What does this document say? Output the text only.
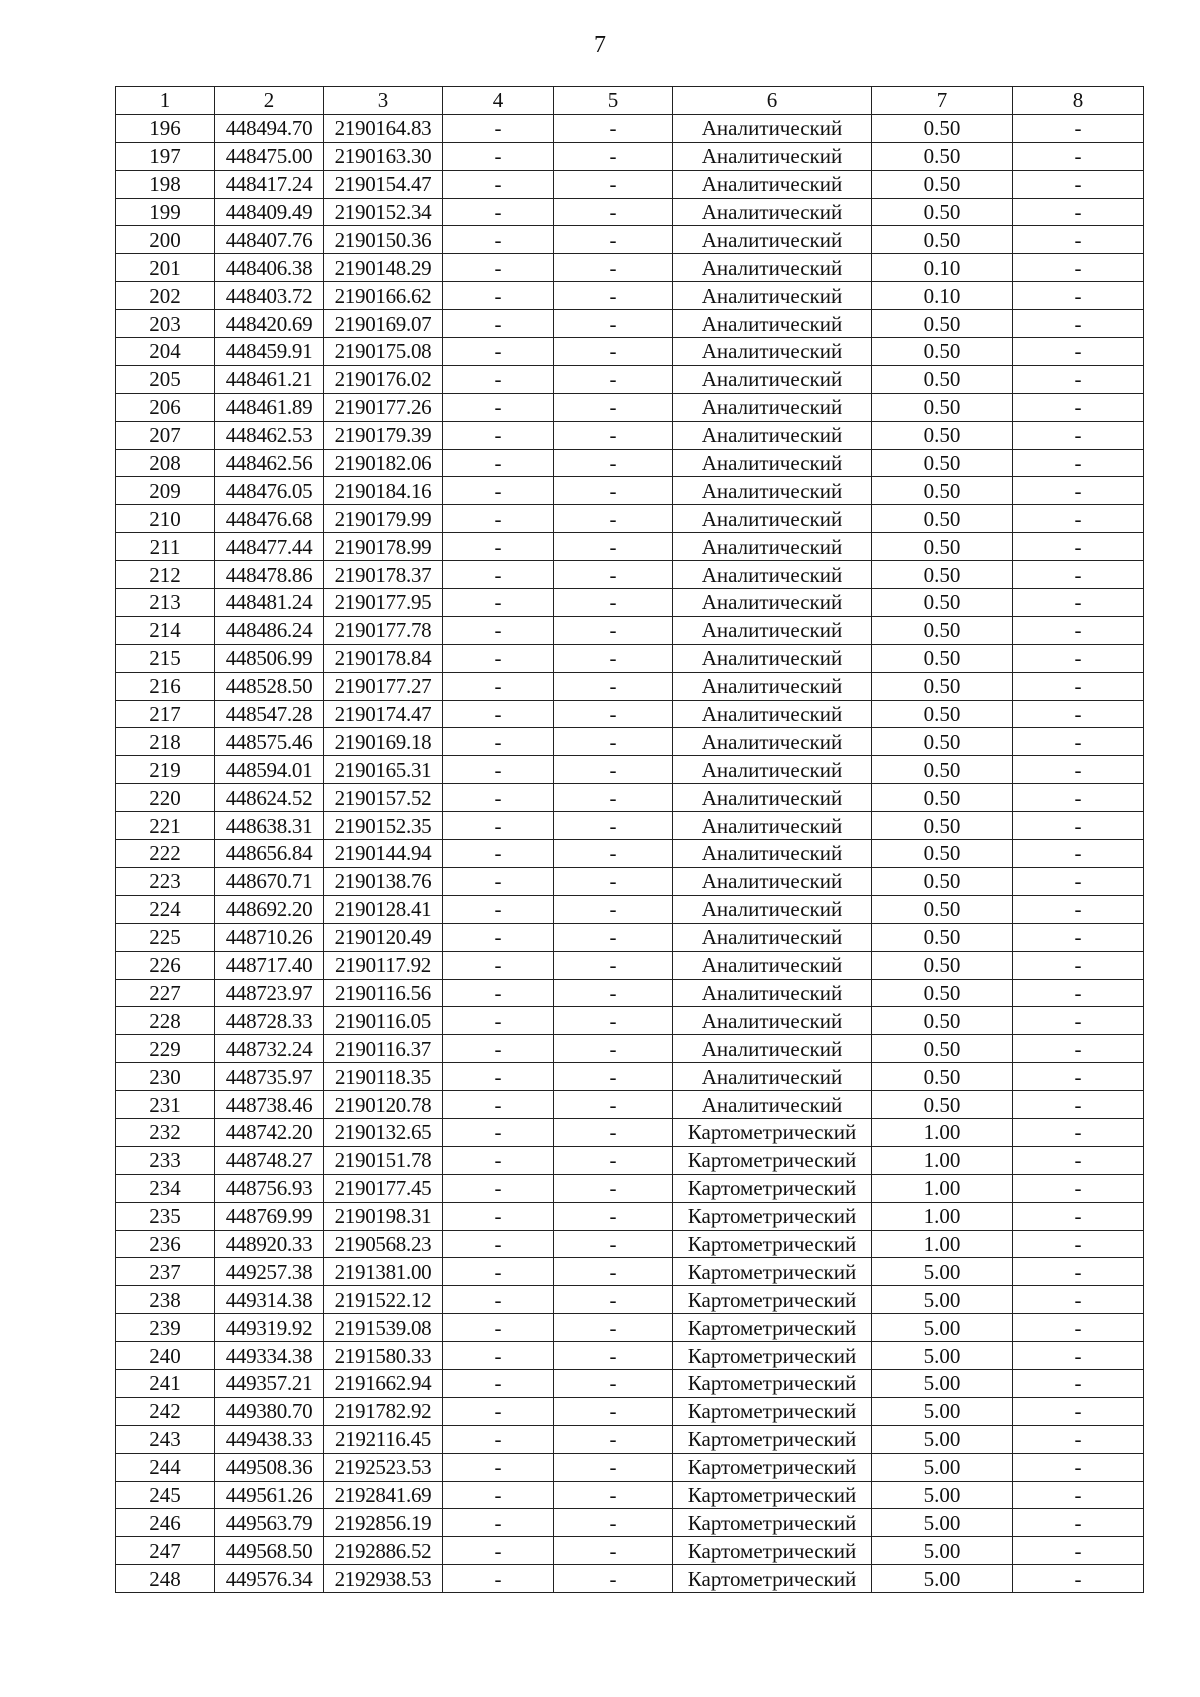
7
1	2	3	4	5	6	7	8
196	448494.70	2190164.83	-	-	Аналитический	0.50	-
197	448475.00	2190163.30	-	-	Аналитический	0.50	-
198	448417.24	2190154.47	-	-	Аналитический	0.50	-
199	448409.49	2190152.34	-	-	Аналитический	0.50	-
200	448407.76	2190150.36	-	-	Аналитический	0.50	-
201	448406.38	2190148.29	-	-	Аналитический	0.10	-
202	448403.72	2190166.62	-	-	Аналитический	0.10	-
203	448420.69	2190169.07	-	-	Аналитический	0.50	-
204	448459.91	2190175.08	-	-	Аналитический	0.50	-
205	448461.21	2190176.02	-	-	Аналитический	0.50	-
206	448461.89	2190177.26	-	-	Аналитический	0.50	-
207	448462.53	2190179.39	-	-	Аналитический	0.50	-
208	448462.56	2190182.06	-	-	Аналитический	0.50	-
209	448476.05	2190184.16	-	-	Аналитический	0.50	-
210	448476.68	2190179.99	-	-	Аналитический	0.50	-
211	448477.44	2190178.99	-	-	Аналитический	0.50	-
212	448478.86	2190178.37	-	-	Аналитический	0.50	-
213	448481.24	2190177.95	-	-	Аналитический	0.50	-
214	448486.24	2190177.78	-	-	Аналитический	0.50	-
215	448506.99	2190178.84	-	-	Аналитический	0.50	-
216	448528.50	2190177.27	-	-	Аналитический	0.50	-
217	448547.28	2190174.47	-	-	Аналитический	0.50	-
218	448575.46	2190169.18	-	-	Аналитический	0.50	-
219	448594.01	2190165.31	-	-	Аналитический	0.50	-
220	448624.52	2190157.52	-	-	Аналитический	0.50	-
221	448638.31	2190152.35	-	-	Аналитический	0.50	-
222	448656.84	2190144.94	-	-	Аналитический	0.50	-
223	448670.71	2190138.76	-	-	Аналитический	0.50	-
224	448692.20	2190128.41	-	-	Аналитический	0.50	-
225	448710.26	2190120.49	-	-	Аналитический	0.50	-
226	448717.40	2190117.92	-	-	Аналитический	0.50	-
227	448723.97	2190116.56	-	-	Аналитический	0.50	-
228	448728.33	2190116.05	-	-	Аналитический	0.50	-
229	448732.24	2190116.37	-	-	Аналитический	0.50	-
230	448735.97	2190118.35	-	-	Аналитический	0.50	-
231	448738.46	2190120.78	-	-	Аналитический	0.50	-
232	448742.20	2190132.65	-	-	Картометрический	1.00	-
233	448748.27	2190151.78	-	-	Картометрический	1.00	-
234	448756.93	2190177.45	-	-	Картометрический	1.00	-
235	448769.99	2190198.31	-	-	Картометрический	1.00	-
236	448920.33	2190568.23	-	-	Картометрический	1.00	-
237	449257.38	2191381.00	-	-	Картометрический	5.00	-
238	449314.38	2191522.12	-	-	Картометрический	5.00	-
239	449319.92	2191539.08	-	-	Картометрический	5.00	-
240	449334.38	2191580.33	-	-	Картометрический	5.00	-
241	449357.21	2191662.94	-	-	Картометрический	5.00	-
242	449380.70	2191782.92	-	-	Картометрический	5.00	-
243	449438.33	2192116.45	-	-	Картометрический	5.00	-
244	449508.36	2192523.53	-	-	Картометрический	5.00	-
245	449561.26	2192841.69	-	-	Картометрический	5.00	-
246	449563.79	2192856.19	-	-	Картометрический	5.00	-
247	449568.50	2192886.52	-	-	Картометрический	5.00	-
248	449576.34	2192938.53	-	-	Картометрический	5.00	-
